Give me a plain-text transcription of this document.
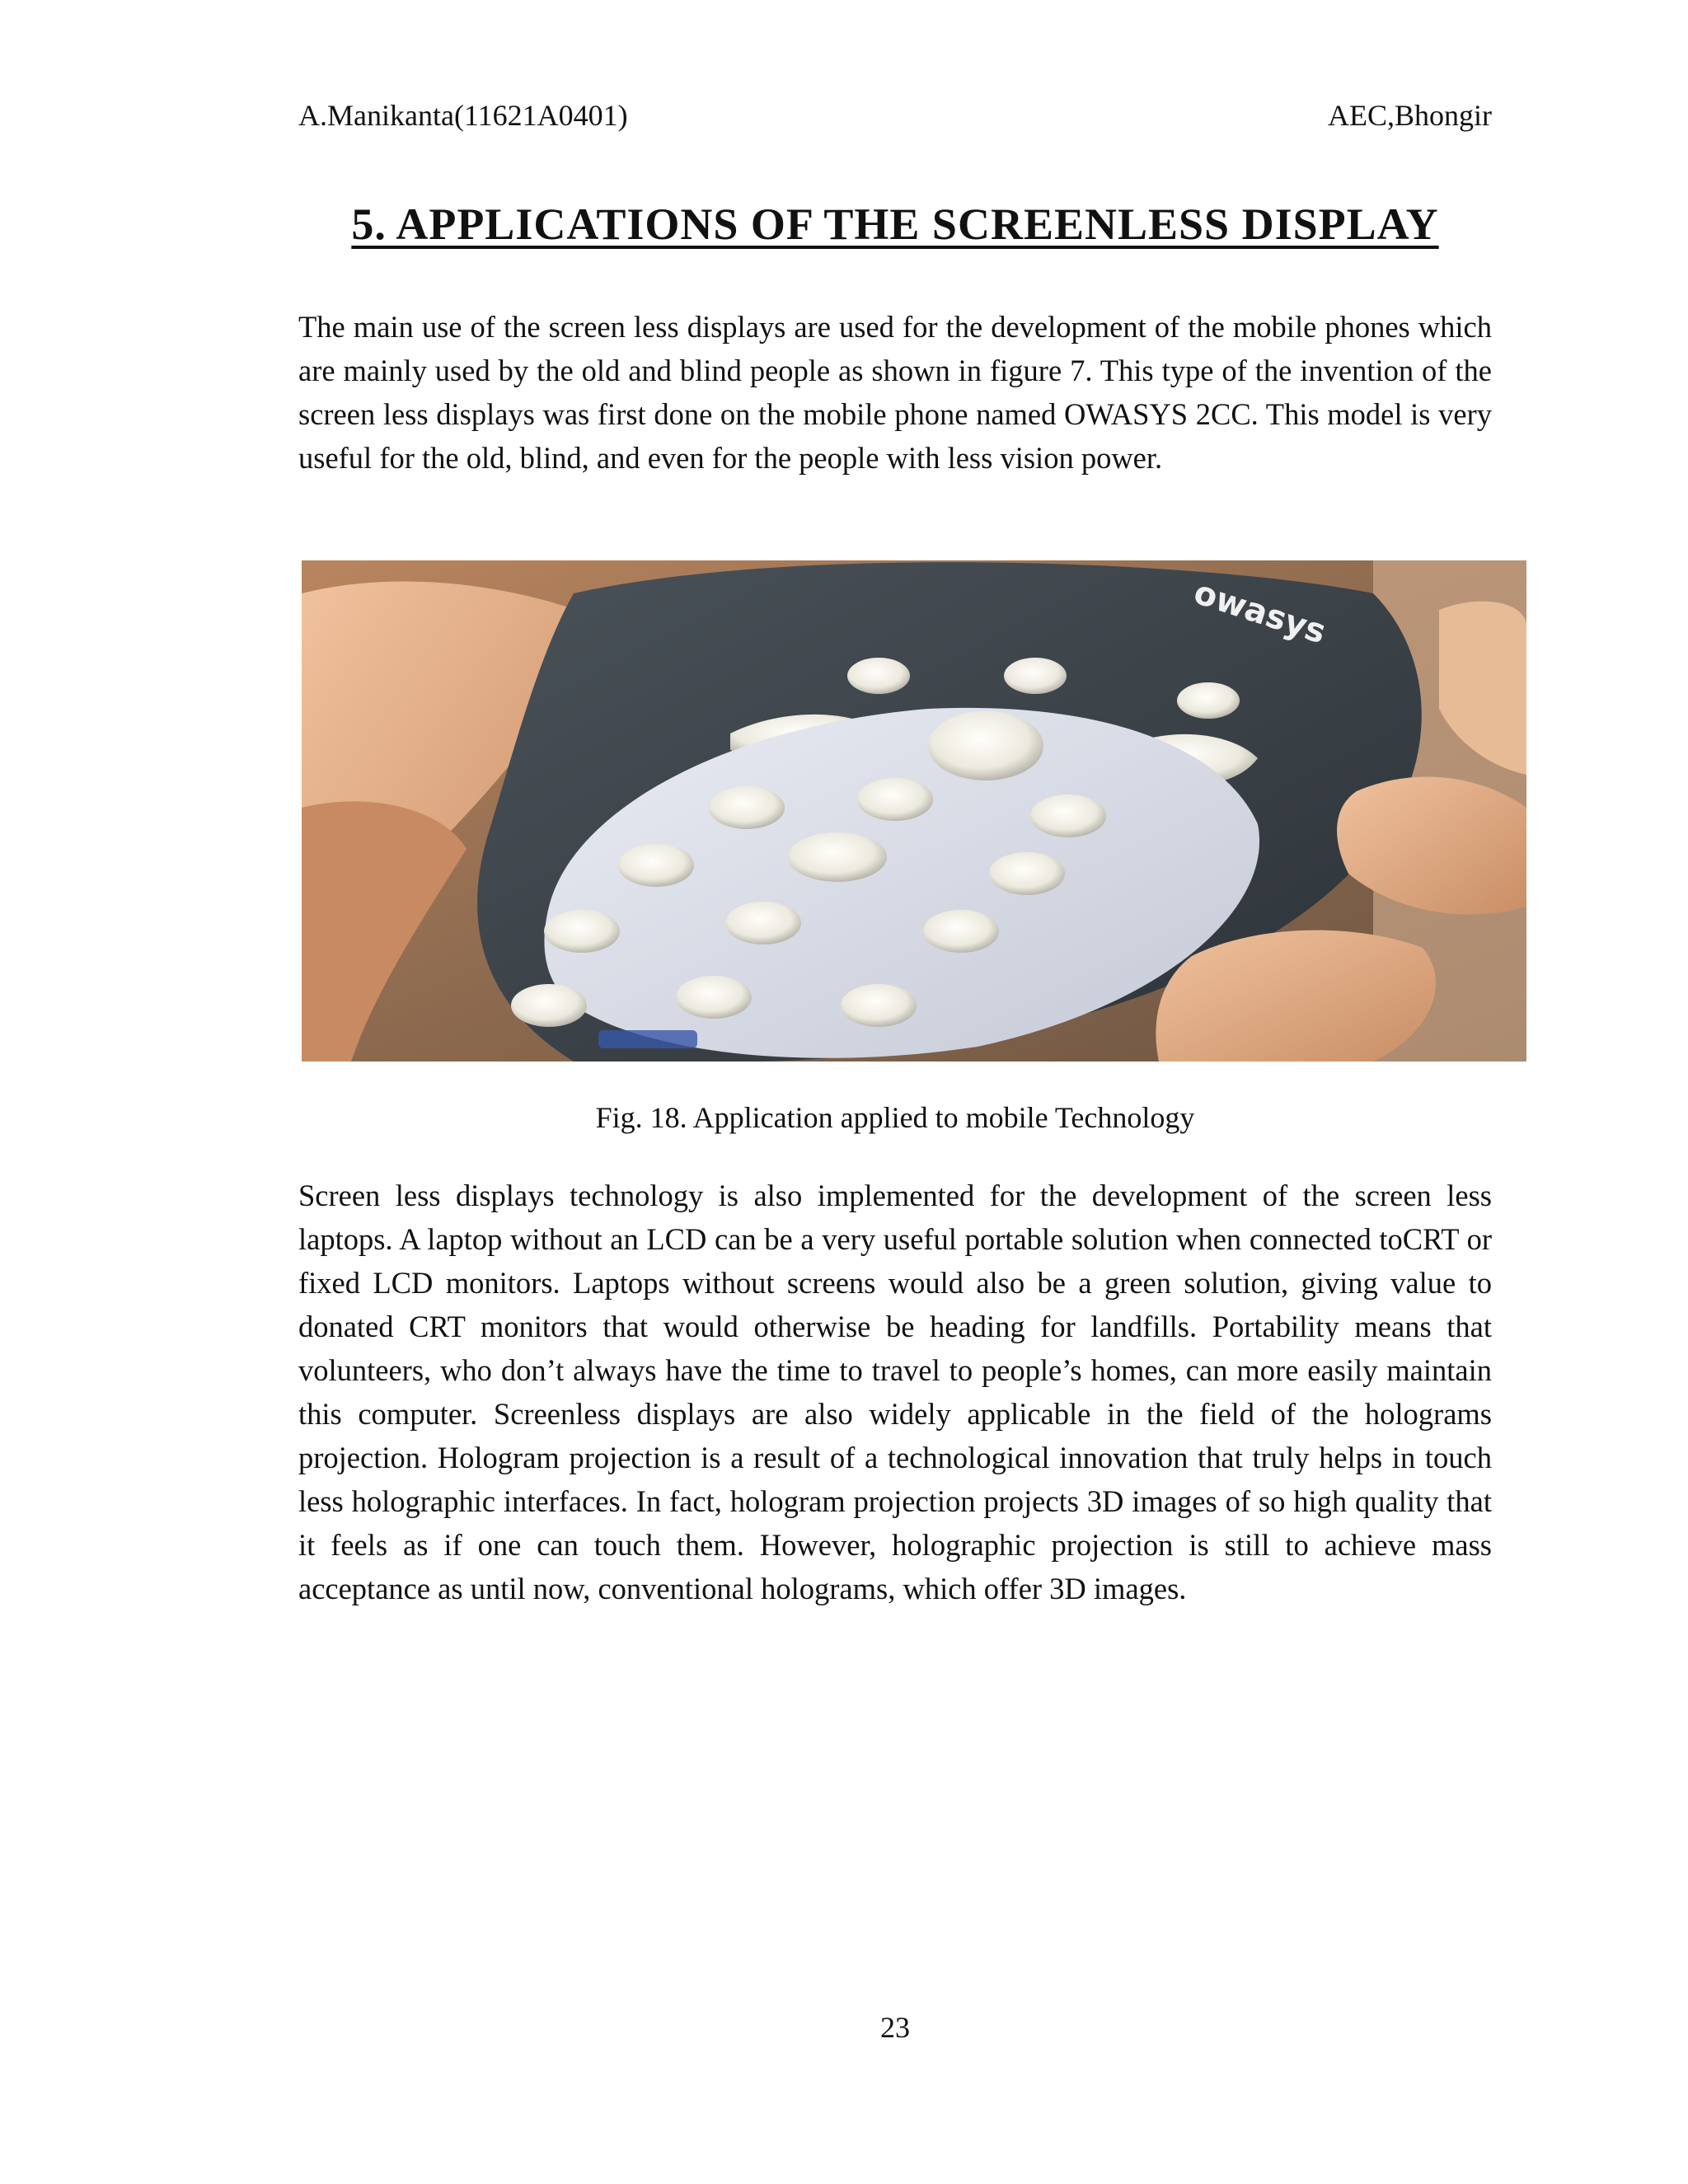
A.Manikanta(11621A0401)	AEC,Bhongir
5. APPLICATIONS OF THE SCREENLESS DISPLAY

The main use of the screen less displays are used for the development of the mobile phones which are mainly used by the old and blind people as shown in figure 7. This type of the invention of the screen less displays was first done on the mobile phone named OWASYS 2CC. This model is very useful for the old, blind, and even for the people with less vision power.

owasys
Fig. 18. Application applied to mobile Technology

Screen less displays technology is also implemented for the development of the screen less laptops. A laptop without an LCD can be a very useful portable solution when connected toCRT or fixed LCD monitors. Laptops without screens would also be a green solution, giving value to donated CRT monitors that would otherwise be heading for landfills. Portability means that volunteers, who don’t always have the time to travel to people’s homes, can more easily maintain this computer. Screenless displays are also widely applicable in the field of the holograms projection. Hologram projection is a result of a technological innovation that truly helps in touch less holographic interfaces. In fact, hologram projection projects 3D images of so high quality that it feels as if one can touch them. However, holographic projection is still to achieve mass acceptance as until now, conventional holograms, which offer 3D images.

23
